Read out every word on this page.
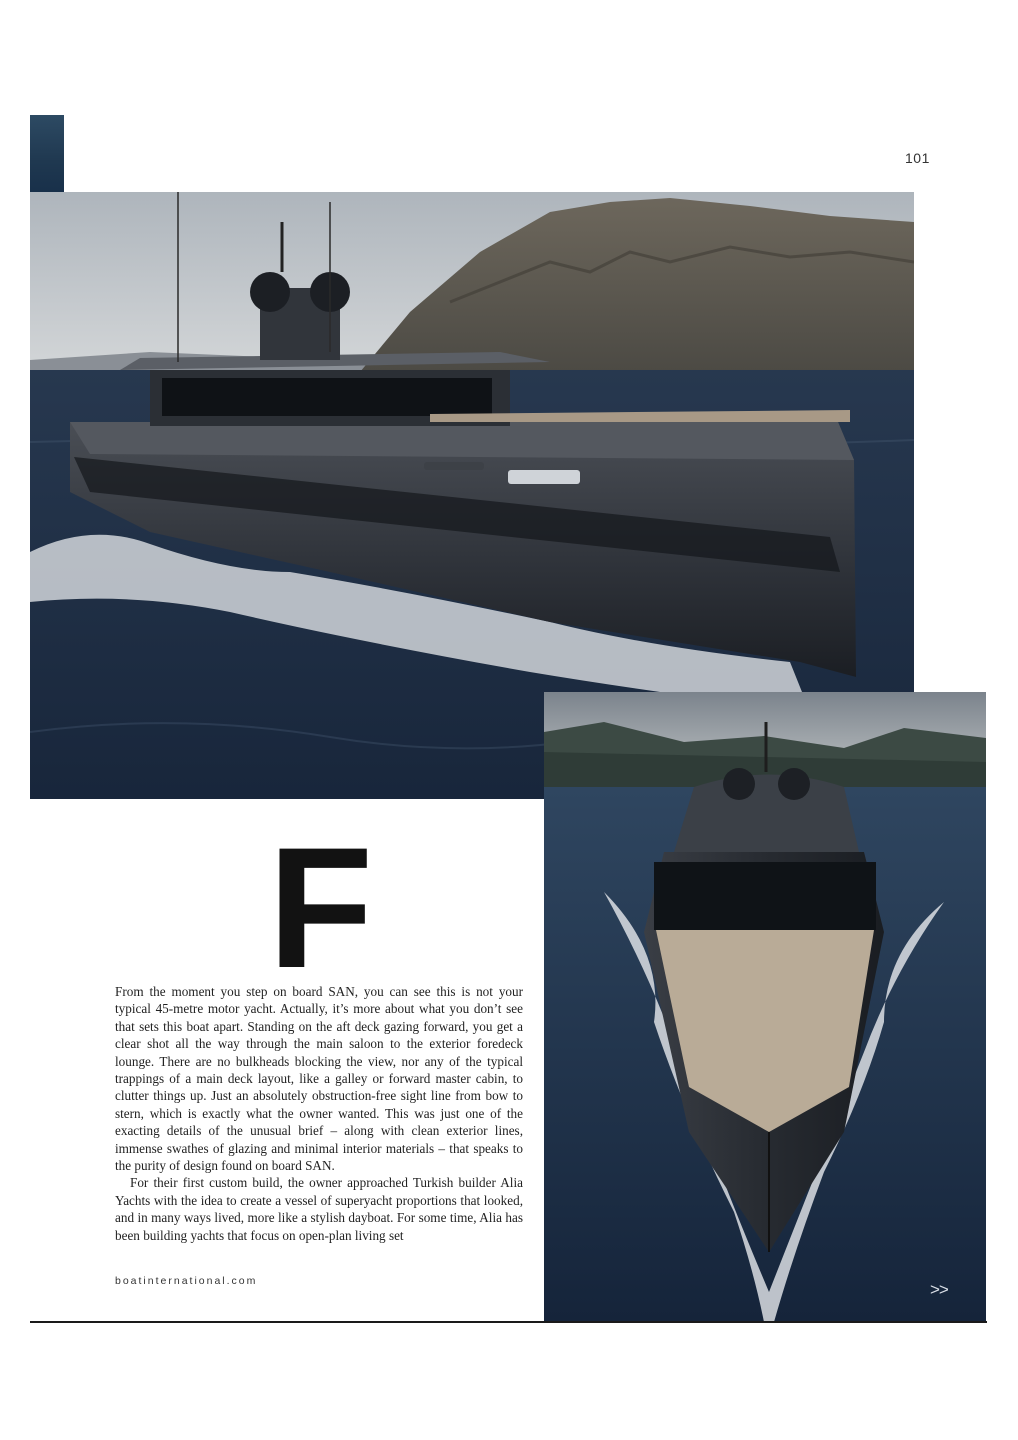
101
F

From the moment you step on board SAN, you can see this is not your typical 45-metre motor yacht. Actually, it’s more about what you don’t see that sets this boat apart. Standing on the aft deck gazing forward, you get a clear shot all the way through the main saloon to the exterior foredeck lounge. There are no bulkheads blocking the view, nor any of the typical trappings of a main deck layout, like a galley or forward master cabin, to clutter things up. Just an absolutely obstruction-free sight line from bow to stern, which is exactly what the owner wanted. This was just one of the exacting details of the unusual brief – along with clean exterior lines, immense swathes of glazing and minimal interior materials – that speaks to the purity of design found on board SAN.

For their first custom build, the owner approached Turkish builder Alia Yachts with the idea to create a vessel of superyacht proportions that looked, and in many ways lived, more like a stylish dayboat. For some time, Alia has been building yachts that focus on open-plan living set

boatinternational.com	>>
